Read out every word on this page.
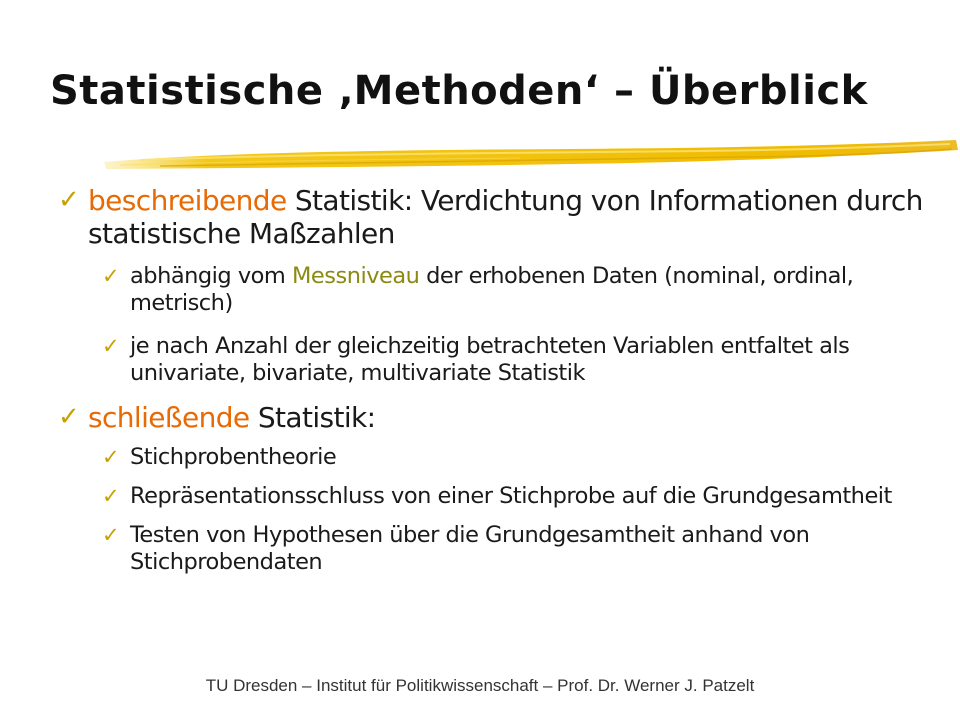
Statistische ‚Methoden‘ – Überblick
✓ beschreibende Statistik: Verdichtung von Informationen durch statistische Maßzahlen
✓ abhängig vom Messniveau der erhobenen Daten (nominal, ordinal, metrisch)
✓ je nach Anzahl der gleichzeitig betrachteten Variablen entfaltet als univariate, bivariate, multivariate Statistik
✓ schließende Statistik:
✓ Stichprobentheorie
✓ Repräsentationsschluss von einer Stichprobe auf die Grundgesamtheit
✓ Testen von Hypothesen über die Grundgesamtheit anhand von Stichprobendaten
TU Dresden – Institut für Politikwissenschaft – Prof. Dr. Werner J. Patzelt
